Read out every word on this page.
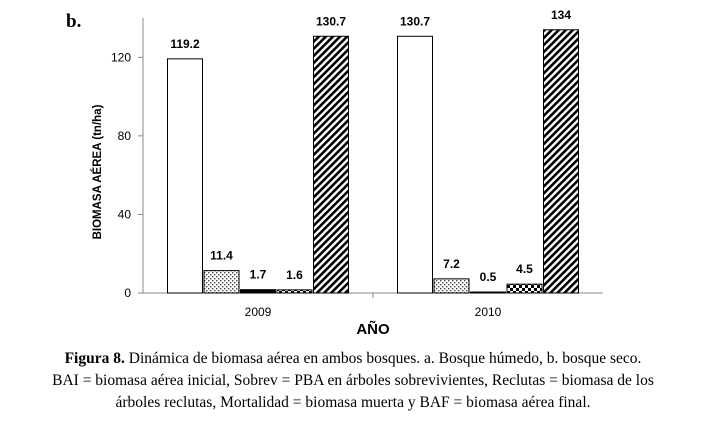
b.
BIOMASA AÉREA (tn/ha)
AÑO
0
40
80
120
2009	2010
119.2
11.4
1.7 1.6
130.7	130.7
7.2
0.5
4.5
134
Figura 8. Dinámica de biomasa aérea en ambos bosques. a. Bosque húmedo, b. bosque seco.
BAI = biomasa aérea inicial, Sobrev = PBA en árboles sobrevivientes, Reclutas = biomasa de los
árboles reclutas, Mortalidad = biomasa muerta y BAF = biomasa aérea final.
